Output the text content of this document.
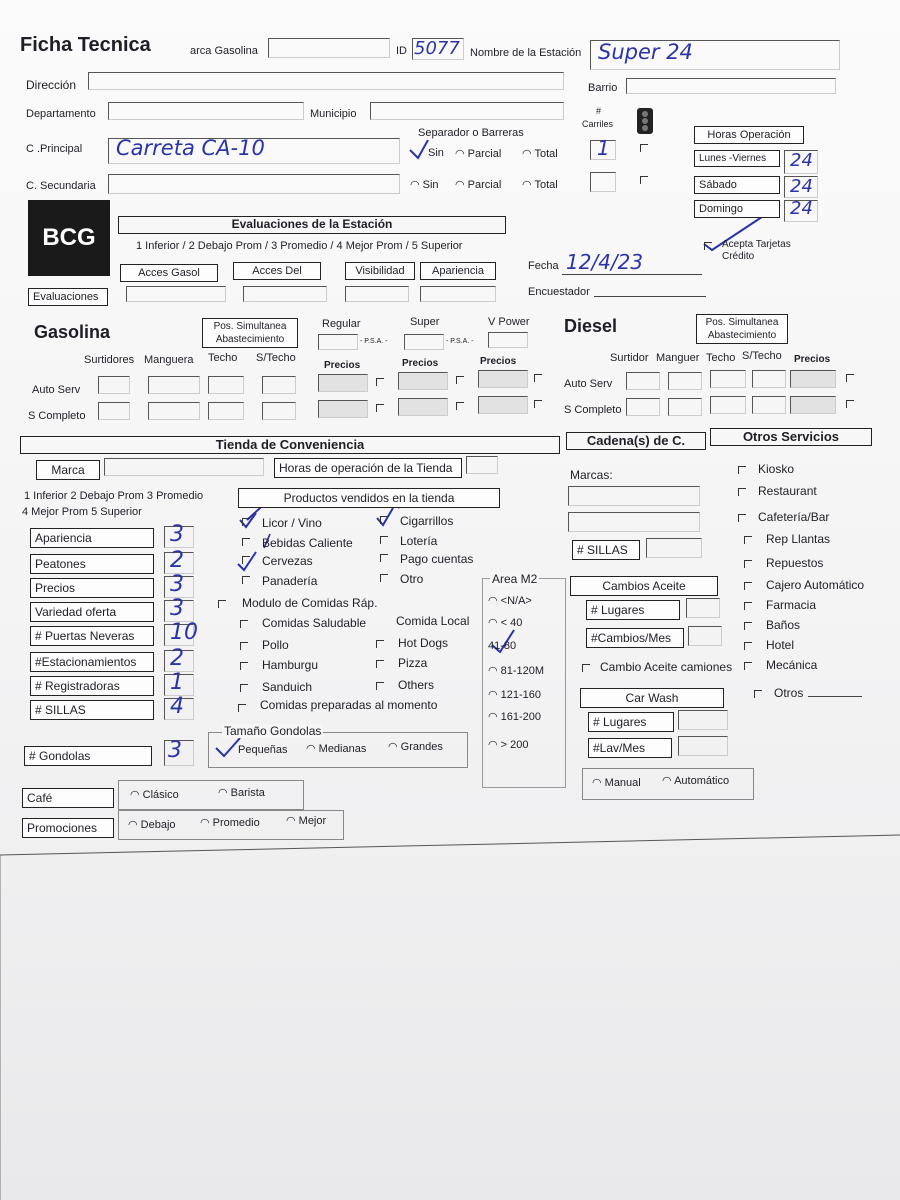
Ficha Tecnica	arca Gasolina	ID 5077 Nombre de la Estación Super 24
Dirección	Barrio
Departamento	Municipio
C .Principal Carreta CA-10
C. Secundaria
Separador o Barreras
Sin ◠ Parcial ◠ Total
◠ Sin ◠ Parcial ◠ Total
#
Carriles
1
Horas Operación
Lunes -Viernes	24
Sábado	24
Domingo	24
Acepta Tarjetas
Crédito
BCG	Evaluaciones de la Estación
1 Inferior / 2 Debajo Prom / 3 Promedio / 4 Mejor Prom / 5 Superior
Acces Gasol	Acces Del	Visibilidad	Apariencia
Evaluaciones
Fecha 12/4/23
Encuestador
Gasolina	Pos. Simultanea
Abastecimiento
Regular	Super	V Power
- P.S.A. -	- P.S.A. -
Surtidores Manguera Techo S/Techo
Precios	Precios	Precios
Auto Serv
S Completo
Diesel	Pos. Simultanea
Abastecimiento
Surtidor Manguer Techo S/Techo Precios
Auto Serv
S Completo
Tienda de Conveniencia
Marca	Horas de operación de la Tienda
1 Inferior 2 Debajo Prom 3 Promedio
4 Mejor Prom 5 Superior
Productos vendidos en la tienda
Modulo de Comidas Ráp.
Comidas preparadas al momento
# Gondolas	3
Tamaño Gondolas
Pequeñas ◠ Medianas ◠ Grandes
Café	◠ Clásico	◠ Barista
Promociones	◠ Debajo ◠ Promedio ◠ Mejor
Area M2
Cadena(s) de C.
Marcas:
# SILLAS
Cambios Aceite
# Lugares
#Cambios/Mes
Cambio Aceite camiones
Car Wash
# Lugares
#Lav/Mes
◠ Manual ◠ Automático
Otros Servicios
Apariencia	3
Peatones	2
Precios	3
Variedad oferta	3
# Puertas Neveras	10
#Estacionamientos	2
# Registradoras	1
# SILLAS	4
Licor / Vino
Bebidas Caliente
Cervezas
Panadería
Cigarrillos
Lotería
Pago cuentas
Otro
Comidas Saludable
Pollo
Hamburgu
Sanduich
Comida Local
Hot Dogs
Pizza
Others
◠ <N/A>
◠ < 40
41-80
◠ 81-120M
◠ 121-160
◠ 161-200
◠ > 200
Kiosko
Restaurant
Cafetería/Bar
Rep Llantas
Repuestos
Cajero Automático
Farmacia
Baños
Hotel
Mecánica
Otros
